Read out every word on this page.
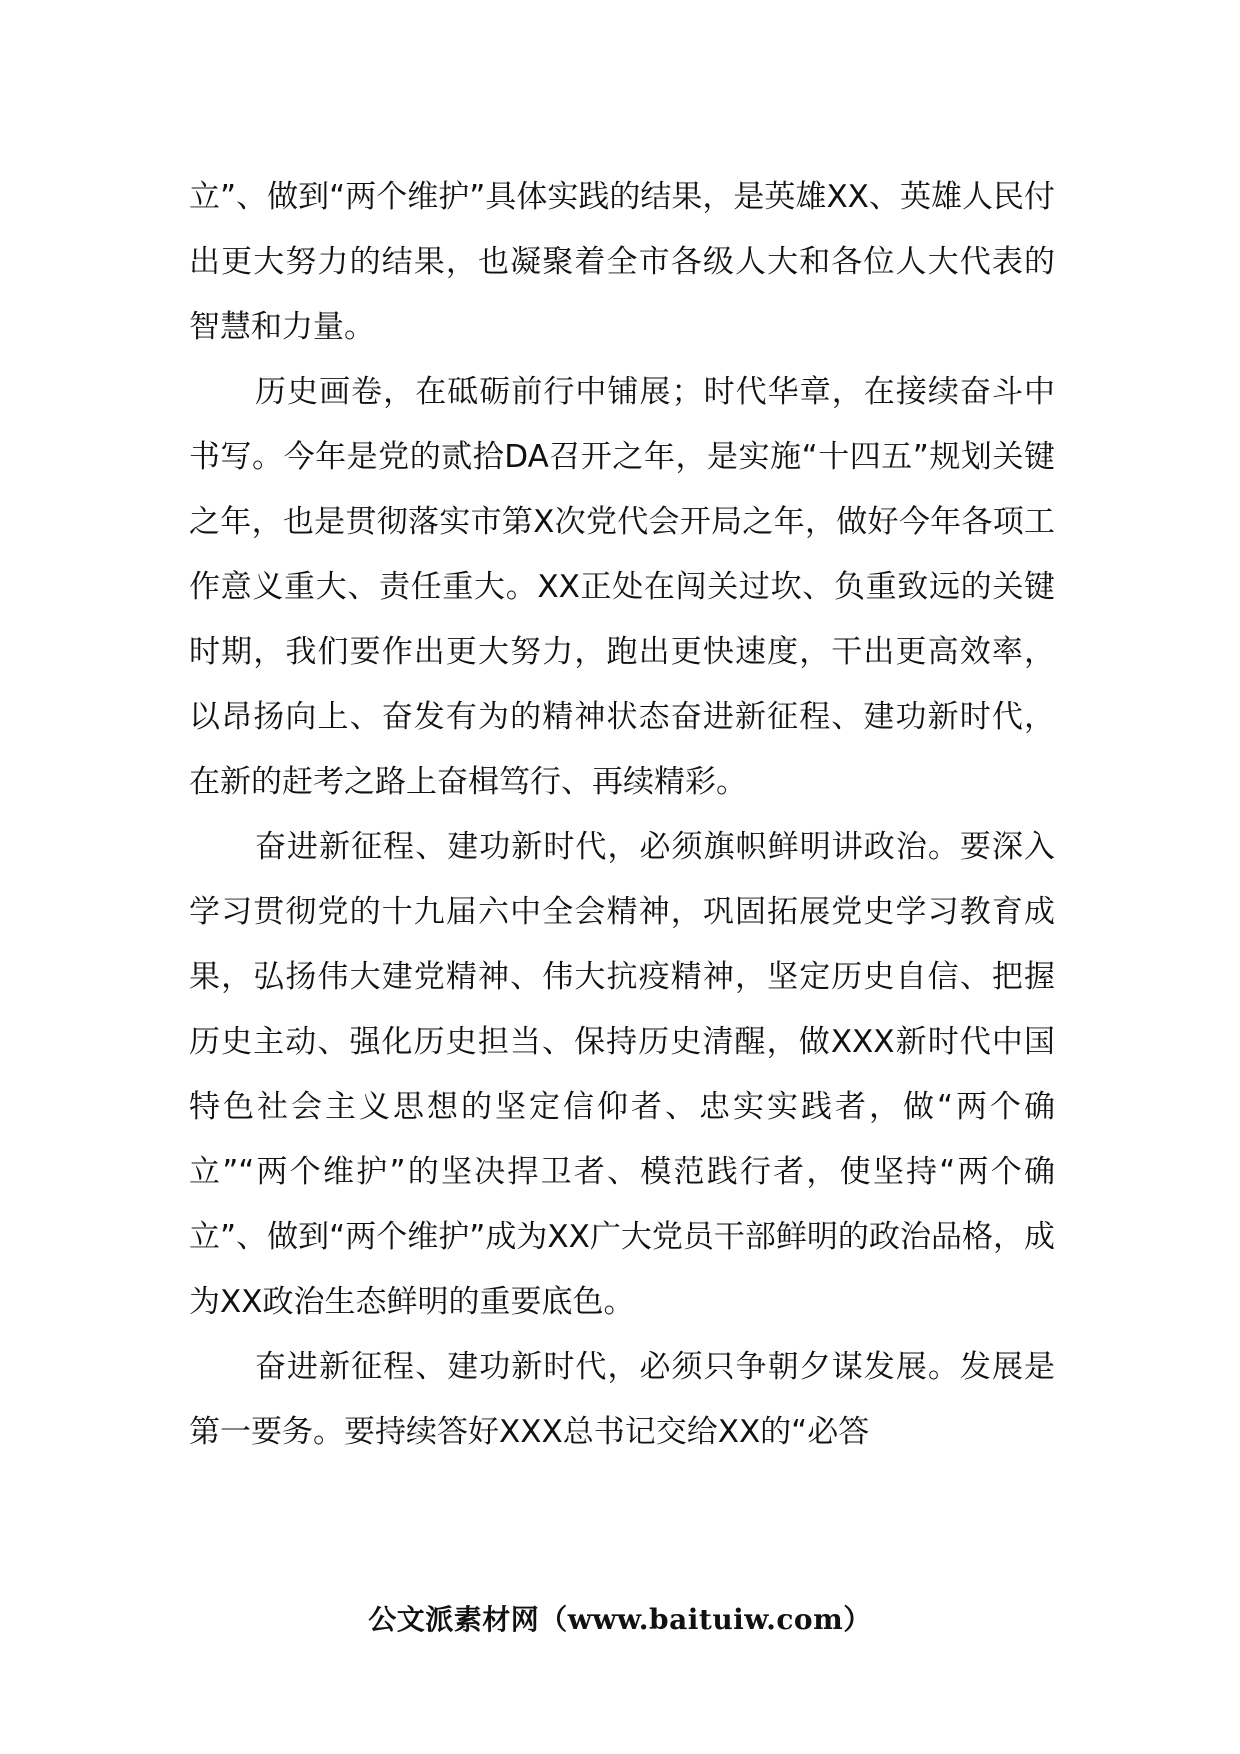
立”、做到“两个维护”具体实践的结果，是英雄XX、英雄人民付出更大努力的结果，也凝聚着全市各级人大和各位人大代表的智慧和力量。

历史画卷，在砥砺前行中铺展；时代华章，在接续奋斗中书写。今年是党的贰拾DA召开之年，是实施“十四五”规划关键之年，也是贯彻落实市第X次党代会开局之年，做好今年各项工作意义重大、责任重大。XX正处在闯关过坎、负重致远的关键时期，我们要作出更大努力，跑出更快速度，干出更高效率，以昂扬向上、奋发有为的精神状态奋进新征程、建功新时代，在新的赶考之路上奋楫笃行、再续精彩。

奋进新征程、建功新时代，必须旗帜鲜明讲政治。要深入学习贯彻党的十九届六中全会精神，巩固拓展党史学习教育成果，弘扬伟大建党精神、伟大抗疫精神，坚定历史自信、把握历史主动、强化历史担当、保持历史清醒，做XXX新时代中国特色社会主义思想的坚定信仰者、忠实实践者，做“两个确立”“两个维护”的坚决捍卫者、模范践行者，使坚持“两个确立”、做到“两个维护”成为XX广大党员干部鲜明的政治品格，成为XX政治生态鲜明的重要底色。

奋进新征程、建功新时代，必须只争朝夕谋发展。发展是第一要务。要持续答好XXX总书记交给XX的“必答

公文派素材网（www.baituiw.com）
